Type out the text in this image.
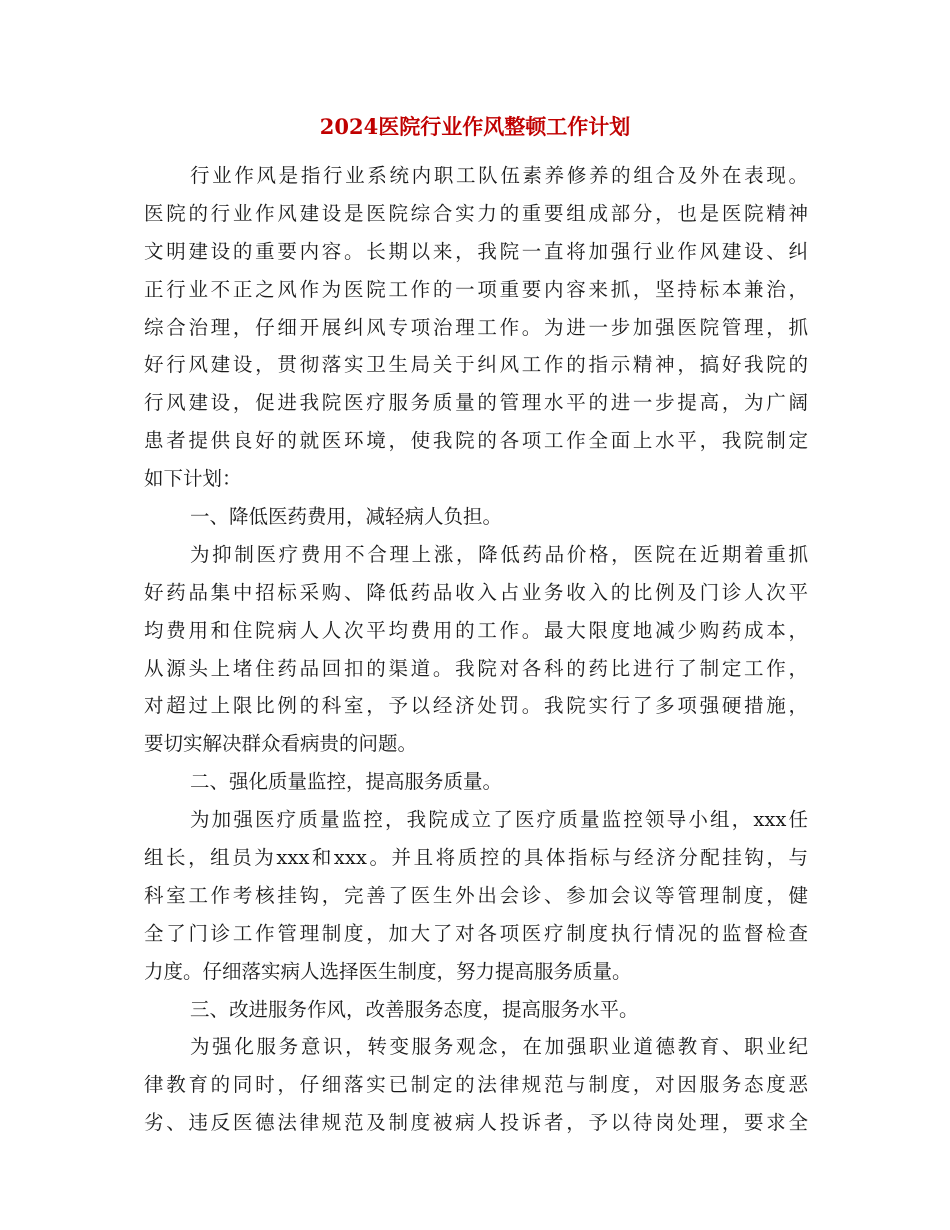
2024医院行业作风整顿工作计划
行业作风是指行业系统内职工队伍素养修养的组合及外在表现。
医院的行业作风建设是医院综合实力的重要组成部分，也是医院精神
文明建设的重要内容。长期以来，我院一直将加强行业作风建设、纠
正行业不正之风作为医院工作的一项重要内容来抓，坚持标本兼治，
综合治理，仔细开展纠风专项治理工作。为进一步加强医院管理，抓
好行风建设，贯彻落实卫生局关于纠风工作的指示精神，搞好我院的
行风建设，促进我院医疗服务质量的管理水平的进一步提高，为广阔
患者提供良好的就医环境，使我院的各项工作全面上水平，我院制定
如下计划：
一、降低医药费用，减轻病人负担。
为抑制医疗费用不合理上涨，降低药品价格，医院在近期着重抓
好药品集中招标采购、降低药品收入占业务收入的比例及门诊人次平
均费用和住院病人人次平均费用的工作。最大限度地减少购药成本，
从源头上堵住药品回扣的渠道。我院对各科的药比进行了制定工作，
对超过上限比例的科室，予以经济处罚。我院实行了多项强硬措施，
要切实解决群众看病贵的问题。
二、强化质量监控，提高服务质量。
为加强医疗质量监控，我院成立了医疗质量监控领导小组，xxx任
组长，组员为xxx和xxx。并且将质控的具体指标与经济分配挂钩，与
科室工作考核挂钩，完善了医生外出会诊、参加会议等管理制度，健
全了门诊工作管理制度，加大了对各项医疗制度执行情况的监督检查
力度。仔细落实病人选择医生制度，努力提高服务质量。
三、改进服务作风，改善服务态度，提高服务水平。
为强化服务意识，转变服务观念，在加强职业道德教育、职业纪
律教育的同时，仔细落实已制定的法律规范与制度，对因服务态度恶
劣、违反医德法律规范及制度被病人投诉者，予以待岗处理，要求全
